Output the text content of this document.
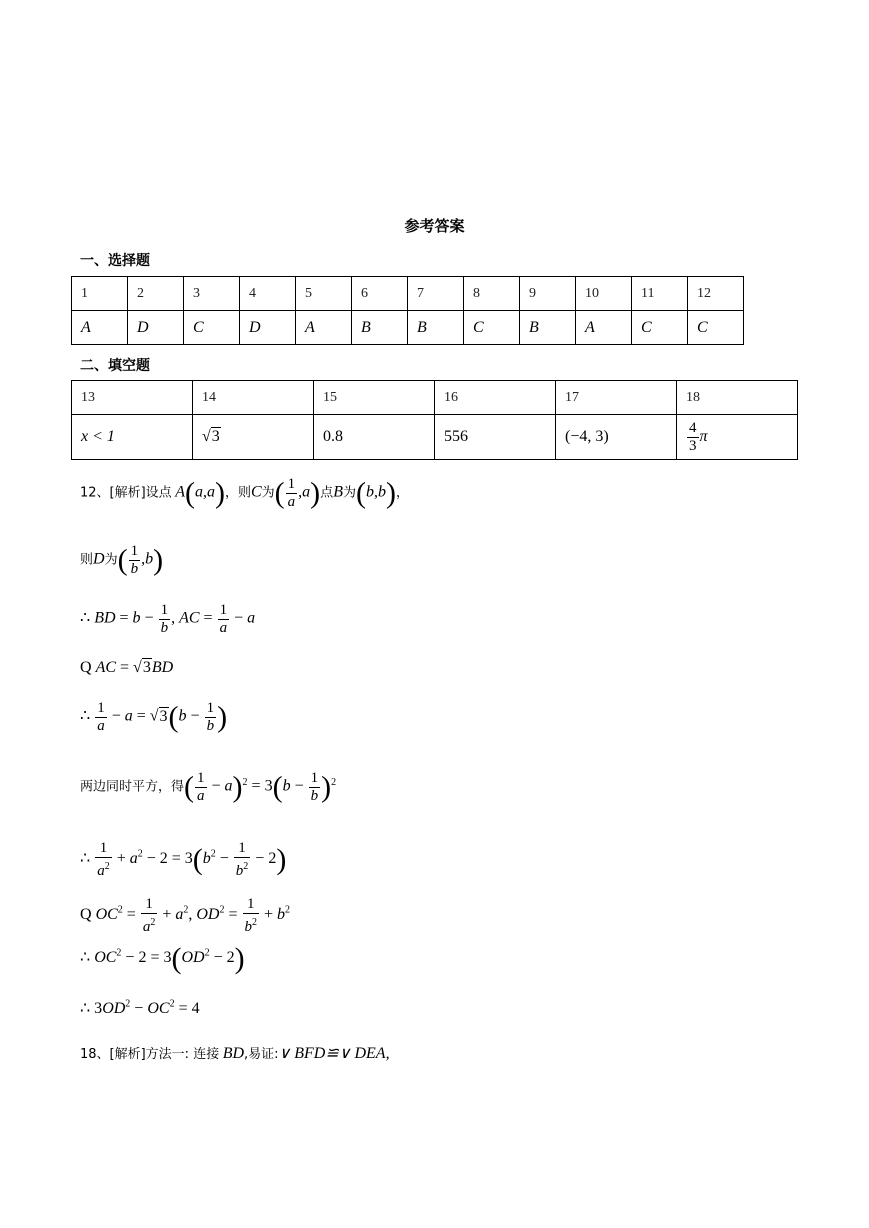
参考答案
一、选择题
1	2	3	4	5	6	7	8	9	10	11	12
A	D	C	D	A	B	B	C	B	A	C	C
二、填空题
13	14	15	16	17	18
x < 1	√3	0.8	556	(−4, 3)	$\frac{4}{3}$ π
12、[解析]设点 A(a,a)，则C为( $\frac{1}{a} ,a$)点B为(b,b)，
则D为( $\frac{1}{b} ,b$)
∴ BD = $b - \frac{1}{b}$ , AC = $\frac{1}{a} - a$
Q AC = √3BD
∴ $\frac{1}{a} - a = √3(b - \frac{1}{b}$ )
两边同时平方，得( $\frac{1}{a} - a)^2 = 3(b - \frac{1}{b} )^2$
∴ $\frac{1}{a^2} + a^2 - 2 = 3(b^2 - \frac{1}{b^2} - 2)$
Q $OC^2 = \frac{1}{a^2} + a^2$, $OD^2 = \frac{1}{b^2} + b^2$
∴ $OC^2 - 2 = 3(OD^2 - 2)$
∴ $3OD^2 - OC^2 = 4$
18、[解析]方法一: 连接 BD,易证:∨ BFD≌∨ DEA,
